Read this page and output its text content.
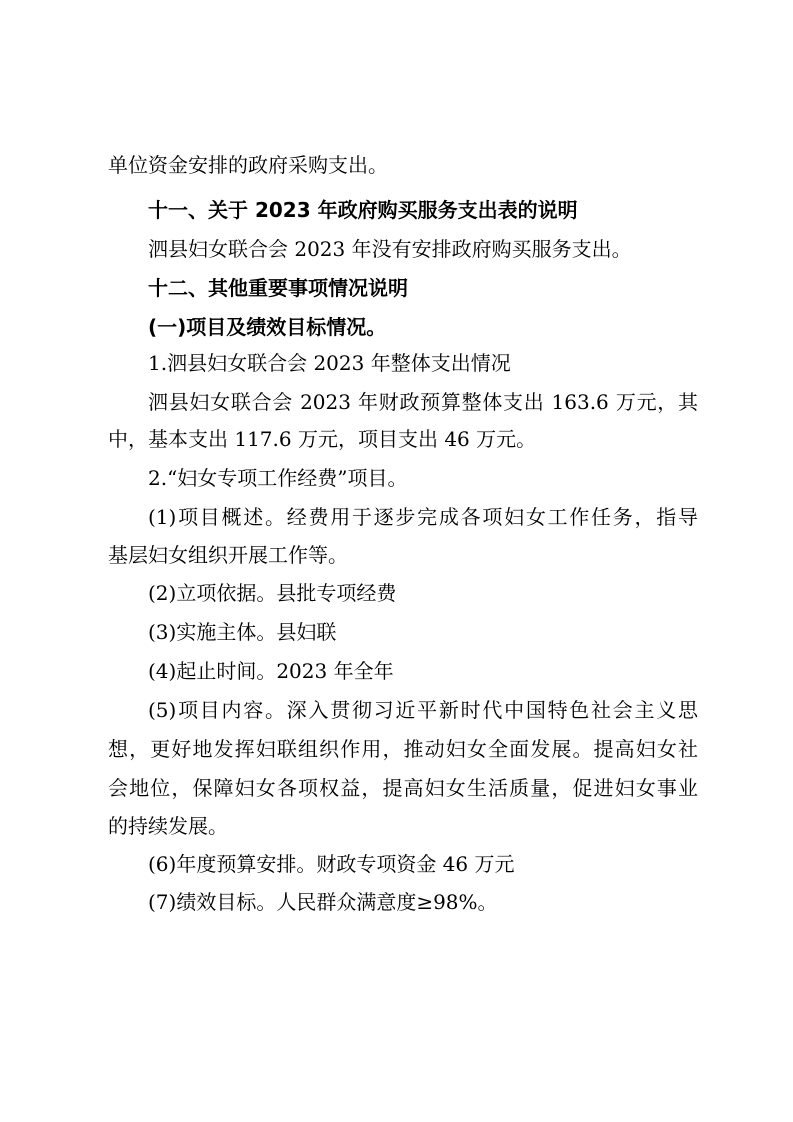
单位资金安排的政府采购支出。
十一、关于 2023 年政府购买服务支出表的说明
泗县妇女联合会 2023 年没有安排政府购买服务支出。
十二、其他重要事项情况说明
(一)项目及绩效目标情况。
1.泗县妇女联合会 2023 年整体支出情况
泗县妇女联合会 2023 年财政预算整体支出 163.6 万元，其
中，基本支出 117.6 万元，项目支出 46 万元。
2.“妇女专项工作经费”项目。
(1)项目概述。经费用于逐步完成各项妇女工作任务，指导
基层妇女组织开展工作等。
(2)立项依据。县批专项经费
(3)实施主体。县妇联
(4)起止时间。2023 年全年
(5)项目内容。深入贯彻习近平新时代中国特色社会主义思
想，更好地发挥妇联组织作用，推动妇女全面发展。提高妇女社
会地位，保障妇女各项权益，提高妇女生活质量，促进妇女事业
的持续发展。
(6)年度预算安排。财政专项资金 46 万元
(7)绩效目标。人民群众满意度≥98%。
